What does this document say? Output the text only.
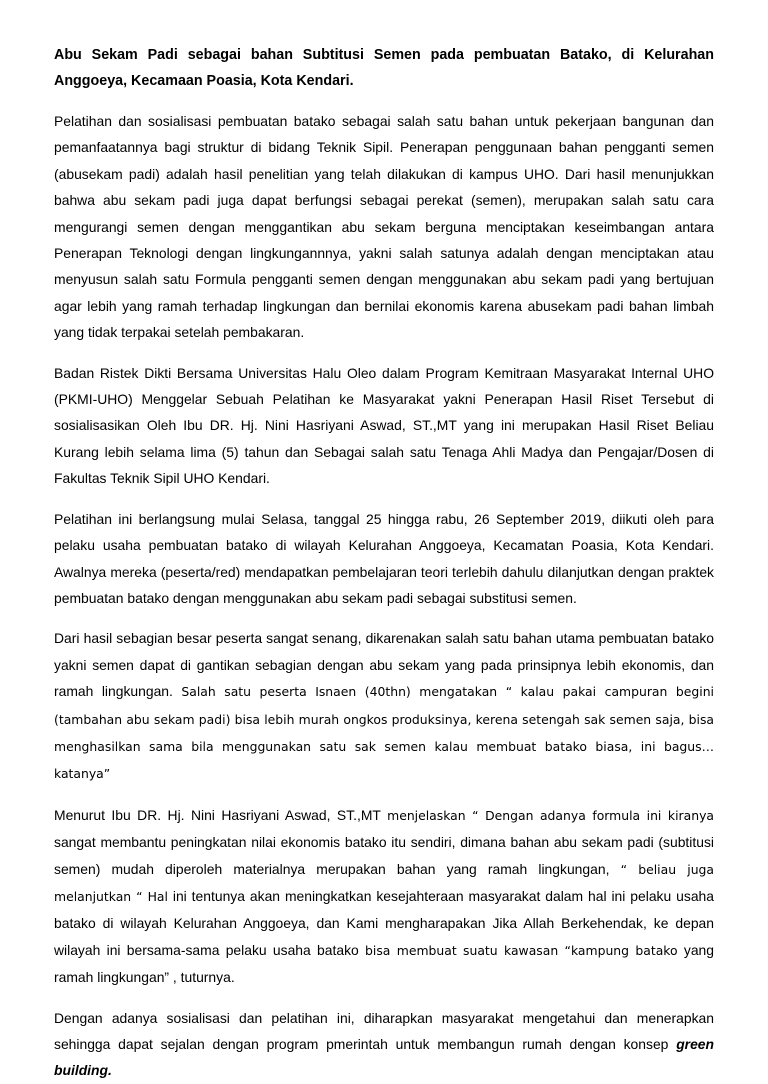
Abu Sekam Padi sebagai bahan Subtitusi Semen pada pembuatan Batako, di Kelurahan Anggoeya, Kecamaan Poasia, Kota Kendari.

Pelatihan dan sosialisasi pembuatan batako sebagai salah satu bahan untuk pekerjaan bangunan dan pemanfaatannya bagi struktur di bidang Teknik Sipil. Penerapan penggunaan bahan pengganti semen (abusekam padi) adalah hasil penelitian yang telah dilakukan di kampus UHO. Dari hasil menunjukkan bahwa abu sekam padi juga dapat berfungsi sebagai perekat (semen), merupakan salah satu cara mengurangi semen dengan menggantikan abu sekam berguna menciptakan keseimbangan antara Penerapan Teknologi dengan lingkungannnya, yakni salah satunya adalah dengan menciptakan atau menyusun salah satu Formula pengganti semen dengan menggunakan abu sekam padi yang bertujuan agar lebih yang ramah terhadap lingkungan dan bernilai ekonomis karena abusekam padi bahan limbah yang tidak terpakai setelah pembakaran.

Badan Ristek Dikti Bersama Universitas Halu Oleo dalam Program Kemitraan Masyarakat Internal UHO (PKMI-UHO) Menggelar Sebuah Pelatihan ke Masyarakat yakni Penerapan Hasil Riset Tersebut di sosialisasikan Oleh Ibu DR. Hj. Nini Hasriyani Aswad, ST.,MT yang ini merupakan Hasil Riset Beliau Kurang lebih selama lima (5) tahun dan Sebagai salah satu Tenaga Ahli Madya dan Pengajar/Dosen di Fakultas Teknik Sipil UHO Kendari.

Pelatihan ini berlangsung mulai Selasa, tanggal 25 hingga rabu, 26 September 2019, diikuti oleh para pelaku usaha pembuatan batako di wilayah Kelurahan Anggoeya, Kecamatan Poasia, Kota Kendari. Awalnya mereka (peserta/red) mendapatkan pembelajaran teori terlebih dahulu dilanjutkan dengan praktek pembuatan batako dengan menggunakan abu sekam padi sebagai substitusi semen.

Dari hasil sebagian besar peserta sangat senang, dikarenakan salah satu bahan utama pembuatan batako yakni semen dapat di gantikan sebagian dengan abu sekam yang pada prinsipnya lebih ekonomis, dan ramah lingkungan. Salah satu peserta Isnaen (40thn) mengatakan “ kalau pakai campuran begini (tambahan abu sekam padi) bisa lebih murah ongkos produksinya, kerena setengah sak semen saja, bisa menghasilkan sama bila menggunakan satu sak semen kalau membuat batako biasa, ini bagus… katanya”

Menurut Ibu DR. Hj. Nini Hasriyani Aswad, ST.,MT menjelaskan “ Dengan adanya formula ini kiranya sangat membantu peningkatan nilai ekonomis batako itu sendiri, dimana bahan abu sekam padi (subtitusi semen) mudah diperoleh materialnya merupakan bahan yang ramah lingkungan, “ beliau juga melanjutkan “ Hal ini tentunya akan meningkatkan kesejahteraan masyarakat dalam hal ini pelaku usaha batako di wilayah Kelurahan Anggoeya, dan Kami mengharapakan Jika Allah Berkehendak, ke depan wilayah ini bersama-sama pelaku usaha batako bisa membuat suatu kawasan “kampung batako yang ramah lingkungan” , tuturnya.

Dengan adanya sosialisasi dan pelatihan ini, diharapkan masyarakat mengetahui dan menerapkan sehingga dapat sejalan dengan program pmerintah untuk membangun rumah dengan konsep green building.
